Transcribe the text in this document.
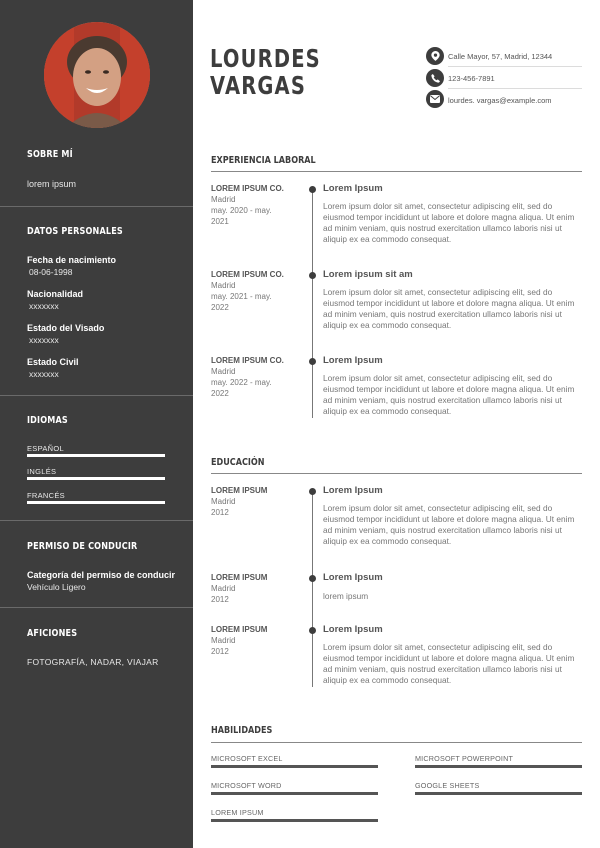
SOBRE MÍ
lorem ipsum
DATOS PERSONALES
Fecha de nacimiento
08-06-1998
Nacionalidad
xxxxxxx
Estado del Visado
xxxxxxx
Estado Civil
xxxxxxx
IDIOMAS
ESPAÑOL
INGLÉS
FRANCÉS
PERMISO DE CONDUCIR
Categoría del permiso de conducir
Vehículo Ligero
AFICIONES
FOTOGRAFÍA, NADAR, VIAJAR
LOURDES
VARGAS
Calle Mayor, 57, Madrid, 12344
123-456-7891
lourdes. vargas@example.com
EXPERIENCIA LABORAL
LOREM IPSUM CO.
Madrid
may. 2020 - may. 2021
Lorem Ipsum
Lorem ipsum dolor sit amet, consectetur adipiscing elit, sed do eiusmod tempor incididunt ut labore et dolore magna aliqua. Ut enim ad minim veniam, quis nostrud exercitation ullamco laboris nisi ut aliquip ex ea commodo consequat.
LOREM IPSUM CO.
Madrid
may. 2021 - may. 2022
Lorem ipsum sit am
Lorem ipsum dolor sit amet, consectetur adipiscing elit, sed do eiusmod tempor incididunt ut labore et dolore magna aliqua. Ut enim ad minim veniam, quis nostrud exercitation ullamco laboris nisi ut aliquip ex ea commodo consequat.
LOREM IPSUM CO.
Madrid
may. 2022 - may. 2022
Lorem Ipsum
Lorem ipsum dolor sit amet, consectetur adipiscing elit, sed do eiusmod tempor incididunt ut labore et dolore magna aliqua. Ut enim ad minim veniam, quis nostrud exercitation ullamco laboris nisi ut aliquip ex ea commodo consequat.
EDUCACIÓN
LOREM IPSUM
Madrid
2012
Lorem Ipsum
Lorem ipsum dolor sit amet, consectetur adipiscing elit, sed do eiusmod tempor incididunt ut labore et dolore magna aliqua. Ut enim ad minim veniam, quis nostrud exercitation ullamco laboris nisi ut aliquip ex ea commodo consequat.
LOREM IPSUM
Madrid
2012
Lorem Ipsum
lorem ipsum
LOREM IPSUM
Madrid
2012
Lorem Ipsum
Lorem ipsum dolor sit amet, consectetur adipiscing elit, sed do eiusmod tempor incididunt ut labore et dolore magna aliqua. Ut enim ad minim veniam, quis nostrud exercitation ullamco laboris nisi ut aliquip ex ea commodo consequat.
HABILIDADES
MICROSOFT EXCEL	MICROSOFT POWERPOINT
MICROSOFT WORD	GOOGLE SHEETS
LOREM IPSUM
